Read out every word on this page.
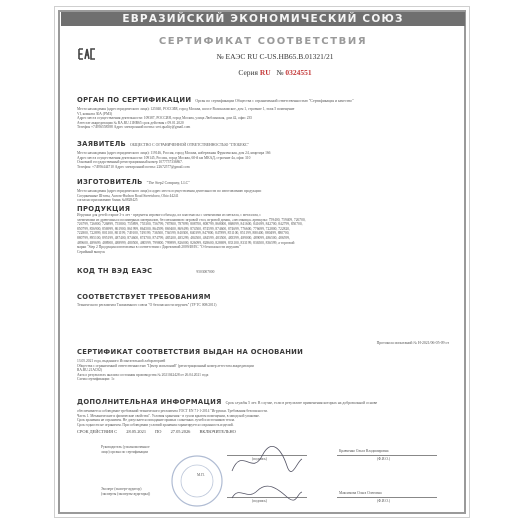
ЕВРАЗИЙСКИЙ ЭКОНОМИЧЕСКИЙ СОЮЗ
СЕРТИФИКАТ СООТВЕТСТВИЯ
№ ЕАЭС RU С-US.НВ65.В.01321/21
Серия RU № 0324551
ОРГАН ПО СЕРТИФИКАЦИИ Орган по сертификации Общества с ограниченной ответственностью "Сертификация и качество"
Место нахождения (адрес юридического лица): 125040, РОССИЯ, город Москва, шоссе Волоколамское, дом 1, строение 1, этаж 5 помещение
VI, комната 30А (РМЗ)
Адрес места осуществления деятельности: 109387, РОССИЯ, город Москва, улица Люблинская, дом 42, офис 235
Аттестат аккредитации № RA.RU.11НВ65 срок действия с 09.01.2020
Телефон +74956558588 Адрес электронной почты: sert.quality@gmail.com
ЗАЯВИТЕЛЬ ОБЩЕСТВО С ОГРАНИЧЕННОЙ ОТВЕТСТВЕННОСТЬЮ "ГЛОБЕКС"
Место нахождения (адрес юридического лица): 119146, Россия, город Москва, набережная Фрунзенская, дом 24, квартира 166
Адрес места осуществления деятельности: 109145, Россия, город Москва, 60-й км МКАД, строение 4а, офис 310
Основной государственный регистрационный номер 1077757336867.
Телефон: +74956444710 Адрес электронной почты: 22672577@gmail.com
ИЗГОТОВИТЕЛЬ "The Step2 Company, LLC"
Место нахождения (адрес юридического лица) и адрес места осуществления деятельности по изготовлению продукции:
Соединенные Штаты, Aurora-Hudson Road Streetsboro, Ohio 44241
согласно приложению бланк №0828425
ПРОДУКЦИЯ
Игрушки для детей старше 3-х лет - предметы игрового обихода, из пластмассы с элементами из металла, с металлом, с
элементами из древесины и полимерных материалов, без механизмов: игровой стол, игровой домик, «песочница» артикулы: 759400, 759409, 726700,
726799, 726800, 726899, 755800, 755899, 755300, 756799, 787800, 787899, 808700, 808799, 868000, 868099, 841600, 841699, 842700, 842799, 850700,
850799, 856900, 856999, 861900, 861999, 864500, 864599, 869400, 869499, 874500, 874599, 874600, 874699, 776600, 776699, 722800, 722820,
722800, 722899, 801100, 801199, 749100, 749199, 736500, 736599, 840300, 840399, 847800, 847899, 851100, 851199, 880400, 880499, 880700,
880799, 895100, 895199, 487400, 874600, 874700, 874799, 485200, 485299, 484500, 484599, 483500, 483599, 489000, 489099, 486500, 486599,
489600, 489699, 488900, 488999, 480500, 480599, 799800, 799899, 826000, 826099, 828600, 828699, 833100, 833199, 836500, 836599, а торговой
марки "Step 2 Продукция изготовлена в соответствии с Директивой 2009/48/ЕС "О безопасности игрушек"
Серийный выпуск
КОД ТН ВЭД ЕАЭС	9503007000
СООТВЕТСТВУЕТ ТРЕБОВАНИЯМ
Технического регламента Таможенного союза "О безопасности игрушек" (ТР ТС 008/2011)
СЕРТИФИКАТ СООТВЕТСТВИЯ ВЫДАН НА ОСНОВАНИИ
Протокола испытаний № Н-2021/06-05-09 от
13.05.2021 года, выданного Испытательной лабораторией
Общества с ограниченной ответственностью "Центр испытаний" (регистрационный номер аттестата аккредитации
RA.RU.21АС82)
Акта о результатах анализа состояния производства № 2021042428 от 26.04.2021 года
Схема сертификации: 1с
ДОПОЛНИТЕЛЬНАЯ ИНФОРМАЦИЯ Срок службы 5 лет. В случае, если в результате применения которых на добровольной основе
обеспечивается соблюдение требований технического регламента ГОСТ EN 71-1-2014 "Игрушки. Требования безопасности.
Часть 1. Механические и физические свойства". Условия хранения - в сухом крытом помещении, в заводской упаковке.
Срок хранения не ограничен. Не допускается попадание прямых солнечных лучей и источников тепла.
Срок годности не ограничен. При соблюдении условий хранения гарантируется сохранность изделий.
СРОК ДЕЙСТВИЯ С 28.05.2021 ПО 27.05.2026 ВКЛЮЧИТЕЛЬНО
Руководитель (уполномоченное
лицо) органа по сертификации	Кравченко Ольга Владимировна
(подпись)	(Ф.И.О.)
Эксперт (эксперт-аудитор)
(эксперты (эксперты-аудиторы))	Максимова Ольга Олеговна
(подпись)	(Ф.И.О.)
М.П.
